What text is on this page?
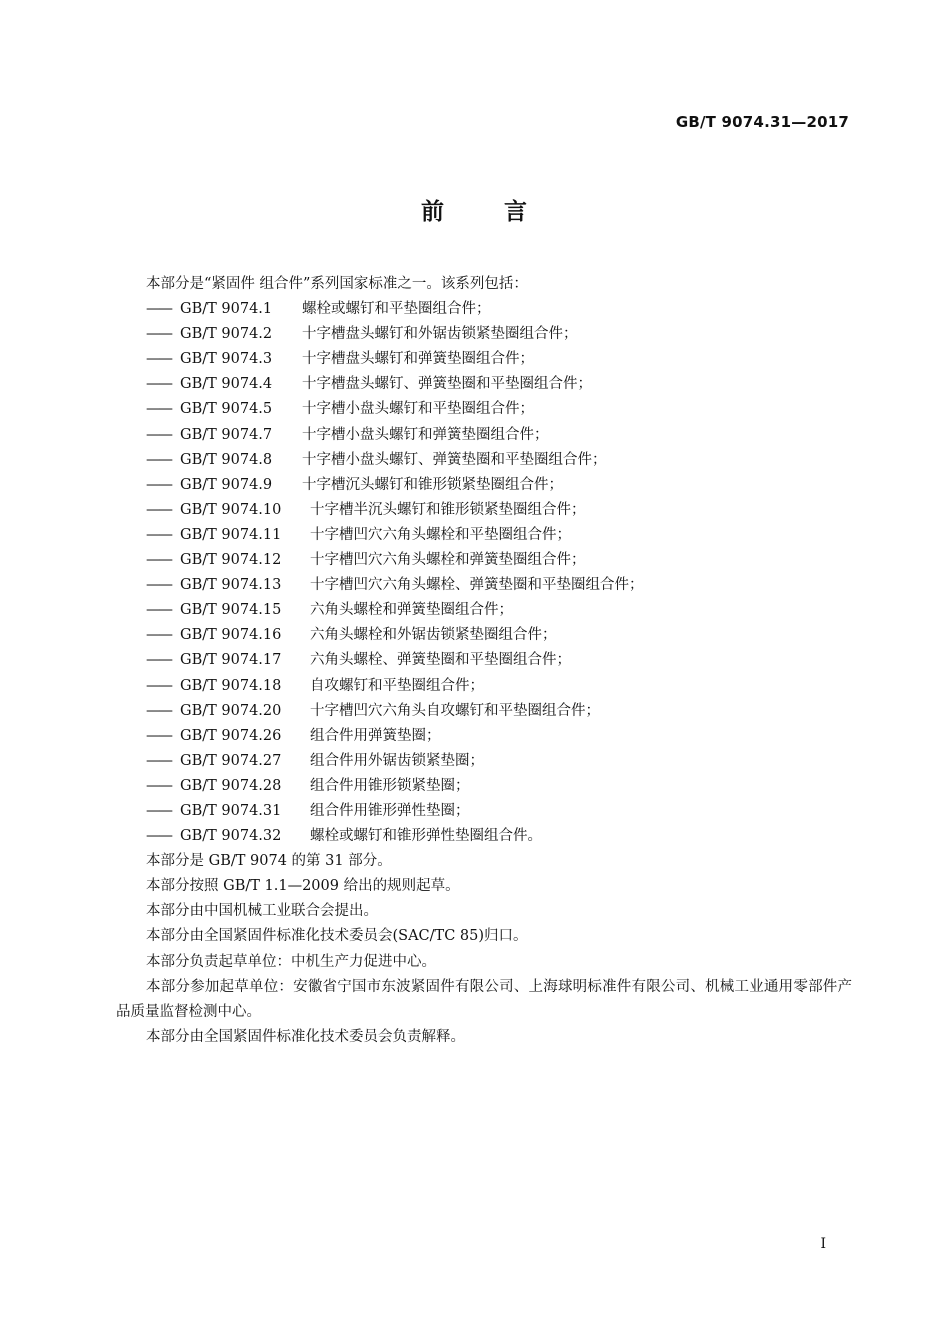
GB/T 9074.31—2017
前 言

本部分是“紧固件 组合件”系列国家标准之一。该系列包括：

—— GB/T 9074.1	螺栓或螺钉和平垫圈组合件；
—— GB/T 9074.2	十字槽盘头螺钉和外锯齿锁紧垫圈组合件；
—— GB/T 9074.3	十字槽盘头螺钉和弹簧垫圈组合件；
—— GB/T 9074.4	十字槽盘头螺钉、弹簧垫圈和平垫圈组合件；
—— GB/T 9074.5	十字槽小盘头螺钉和平垫圈组合件；
—— GB/T 9074.7	十字槽小盘头螺钉和弹簧垫圈组合件；
—— GB/T 9074.8	十字槽小盘头螺钉、弹簧垫圈和平垫圈组合件；
—— GB/T 9074.9	十字槽沉头螺钉和锥形锁紧垫圈组合件；
—— GB/T 9074.10	十字槽半沉头螺钉和锥形锁紧垫圈组合件；
—— GB/T 9074.11	十字槽凹穴六角头螺栓和平垫圈组合件；
—— GB/T 9074.12	十字槽凹穴六角头螺栓和弹簧垫圈组合件；
—— GB/T 9074.13	十字槽凹穴六角头螺栓、弹簧垫圈和平垫圈组合件；
—— GB/T 9074.15	六角头螺栓和弹簧垫圈组合件；
—— GB/T 9074.16	六角头螺栓和外锯齿锁紧垫圈组合件；
—— GB/T 9074.17	六角头螺栓、弹簧垫圈和平垫圈组合件；
—— GB/T 9074.18	自攻螺钉和平垫圈组合件；
—— GB/T 9074.20	十字槽凹穴六角头自攻螺钉和平垫圈组合件；
—— GB/T 9074.26	组合件用弹簧垫圈；
—— GB/T 9074.27	组合件用外锯齿锁紧垫圈；
—— GB/T 9074.28	组合件用锥形锁紧垫圈；
—— GB/T 9074.31	组合件用锥形弹性垫圈；
—— GB/T 9074.32	螺栓或螺钉和锥形弹性垫圈组合件。

本部分是 GB/T 9074 的第 31 部分。

本部分按照 GB/T 1.1—2009 给出的规则起草。

本部分由中国机械工业联合会提出。

本部分由全国紧固件标准化技术委员会(SAC/TC 85)归口。

本部分负责起草单位：中机生产力促进中心。

本部分参加起草单位：安徽省宁国市东波紧固件有限公司、上海球明标准件有限公司、机械工业通用零部件产品质量监督检测中心。

本部分由全国紧固件标准化技术委员会负责解释。

I
